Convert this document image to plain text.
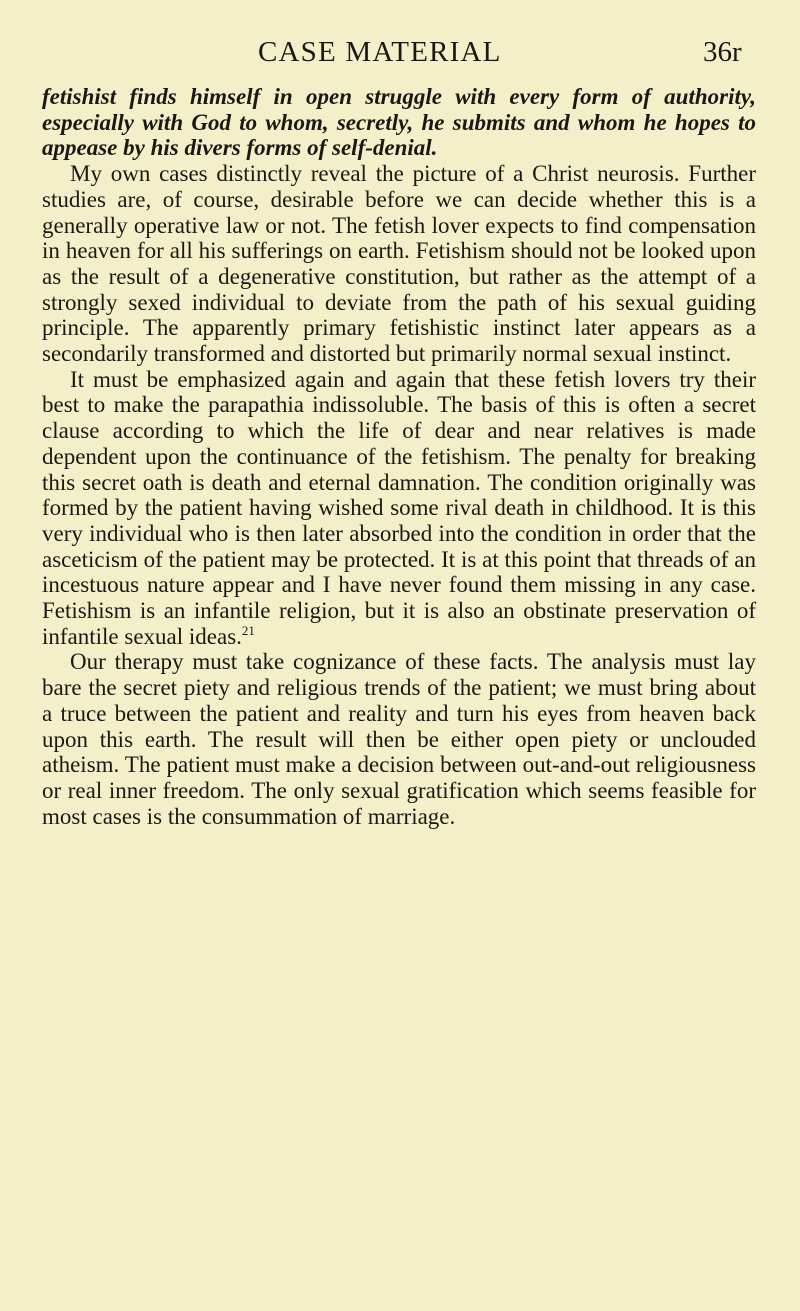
CASE MATERIAL	36r

fetishist finds himself in open struggle with every form of authority, especially with God to whom, secretly, he submits and whom he hopes to appease by his divers forms of self-denial.

My own cases distinctly reveal the picture of a Christ neurosis. Further studies are, of course, desirable before we can decide whether this is a generally operative law or not. The fetish lover expects to find compensation in heaven for all his sufferings on earth. Fetishism should not be looked upon as the result of a degenerative constitution, but rather as the attempt of a strongly sexed individual to deviate from the path of his sexual guiding principle. The apparently primary fetishistic instinct later appears as a secondarily transformed and distorted but primarily normal sexual instinct.

It must be emphasized again and again that these fetish lovers try their best to make the parapathia indissoluble. The basis of this is often a secret clause according to which the life of dear and near relatives is made dependent upon the continuance of the fetishism. The penalty for breaking this secret oath is death and eternal damnation. The condition originally was formed by the patient having wished some rival death in childhood. It is this very individual who is then later absorbed into the condition in order that the asceticism of the patient may be protected. It is at this point that threads of an incestuous nature appear and I have never found them missing in any case. Fetishism is an infantile religion, but it is also an obstinate preservation of infantile sexual ideas.$^{21}$

Our therapy must take cognizance of these facts. The analysis must lay bare the secret piety and religious trends of the patient; we must bring about a truce between the patient and reality and turn his eyes from heaven back upon this earth. The result will then be either open piety or unclouded atheism. The patient must make a decision between out-and-out religiousness or real inner freedom. The only sexual gratification which seems feasible for most cases is the consummation of marriage.
